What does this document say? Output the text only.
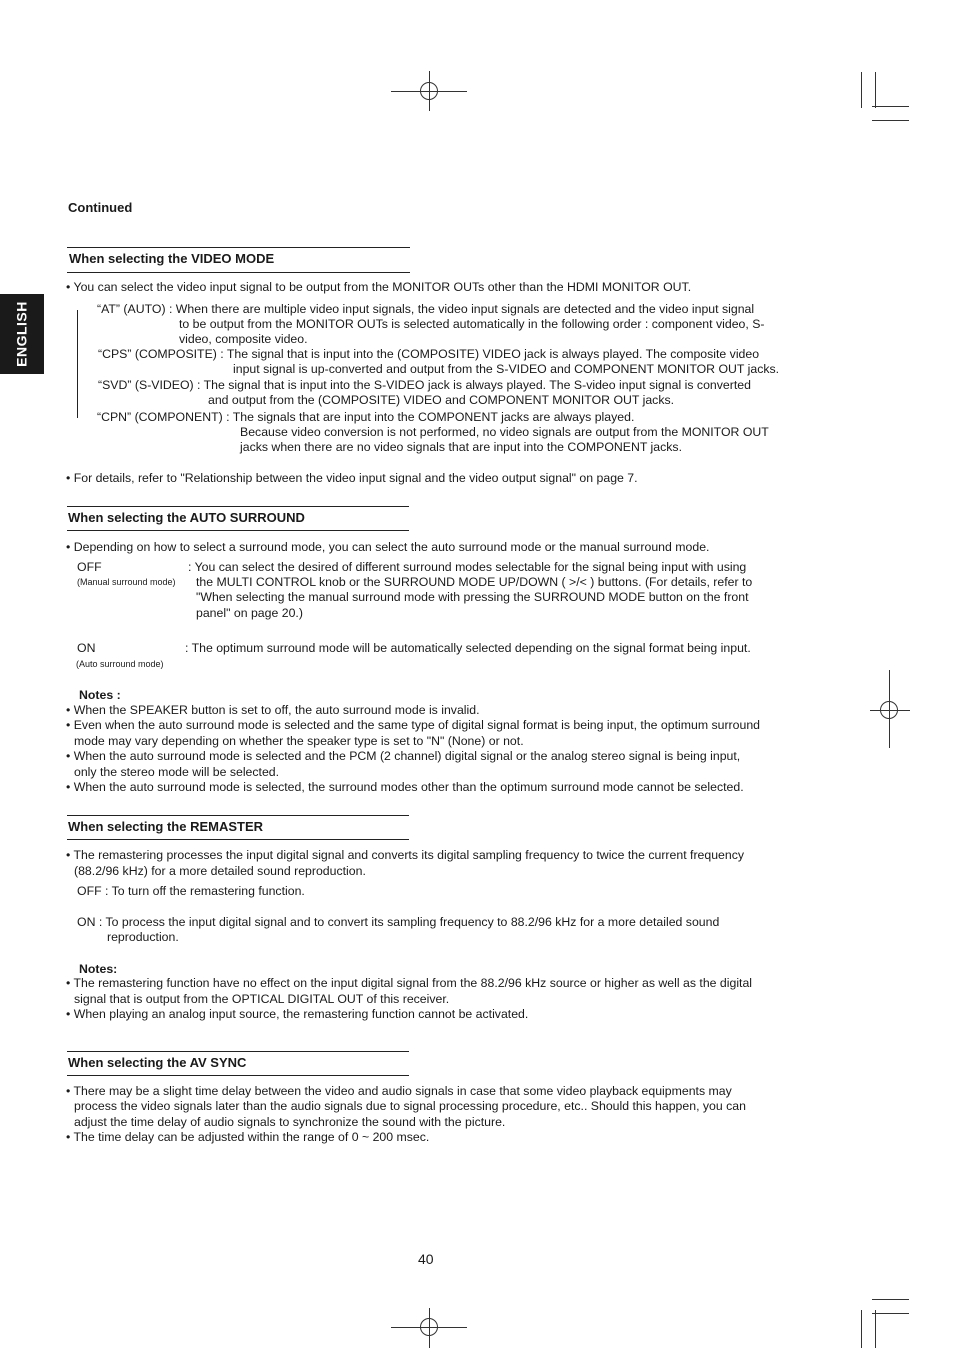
ENGLISH
Continued
When selecting the VIDEO MODE
• You can select the video input signal to be output from the MONITOR OUTs other than the HDMI MONITOR OUT.
“AT” (AUTO) : When there are multiple video input signals, the video input signals are detected and the video input signal
to be output from the MONITOR OUTs is selected automatically in the following order : component video, S-
video, composite video.
“CPS” (COMPOSITE) : The signal that is input into the (COMPOSITE) VIDEO jack is always played. The composite video
input signal is up-converted and output from the S-VIDEO and COMPONENT MONITOR OUT jacks.
“SVD” (S-VIDEO) : The signal that is input into the S-VIDEO jack is always played. The S-video input signal is converted
and output from the (COMPOSITE) VIDEO and COMPONENT MONITOR OUT jacks.
“CPN” (COMPONENT) : The signals that are input into the COMPONENT jacks are always played.
Because video conversion is not performed, no video signals are output from the MONITOR OUT
jacks when there are no video signals that are input into the COMPONENT jacks.
• For details, refer to "Relationship between the video input signal and the video output signal" on page 7.
When selecting the AUTO SURROUND
• Depending on how to select a surround mode, you can select the auto surround mode or the manual surround mode.
OFF
(Manual surround mode)
: You can select the desired of different surround modes selectable for the signal being input with using
the MULTI CONTROL knob or the SURROUND MODE UP/DOWN ( >/< ) buttons. (For details, refer to
"When selecting the manual surround mode with pressing the SURROUND MODE button on the front
panel" on page 20.)
ON
(Auto surround mode)
: The optimum surround mode will be automatically selected depending on the signal format being input.
Notes :
• When the SPEAKER button is set to off, the auto surround mode is invalid.
• Even when the auto surround mode is selected and the same type of digital signal format is being input, the optimum surround
mode may vary depending on whether the speaker type is set to "N" (None) or not.
• When the auto surround mode is selected and the PCM (2 channel) digital signal or the analog stereo signal is being input,
only the stereo mode will be selected.
• When the auto surround mode is selected, the surround modes other than the optimum surround mode cannot be selected.
When selecting the REMASTER
• The remastering processes the input digital signal and converts its digital sampling frequency to twice the current frequency
(88.2/96 kHz) for a more detailed sound reproduction.
OFF : To turn off the remastering function.
ON : To process the input digital signal and to convert its sampling frequency to 88.2/96 kHz for a more detailed sound
reproduction.
Notes:
• The remastering function have no effect on the input digital signal from the 88.2/96 kHz source or higher as well as the digital
signal that is output from the OPTICAL DIGITAL OUT of this receiver.
• When playing an analog input source, the remastering function cannot be activated.
When selecting the AV SYNC
• There may be a slight time delay between the video and audio signals in case that some video playback equipments may
process the video signals later than the audio signals due to signal processing procedure, etc.. Should this happen, you can
adjust the time delay of audio signals to synchronize the sound with the picture.
• The time delay can be adjusted within the range of 0 ~ 200 msec.
40
